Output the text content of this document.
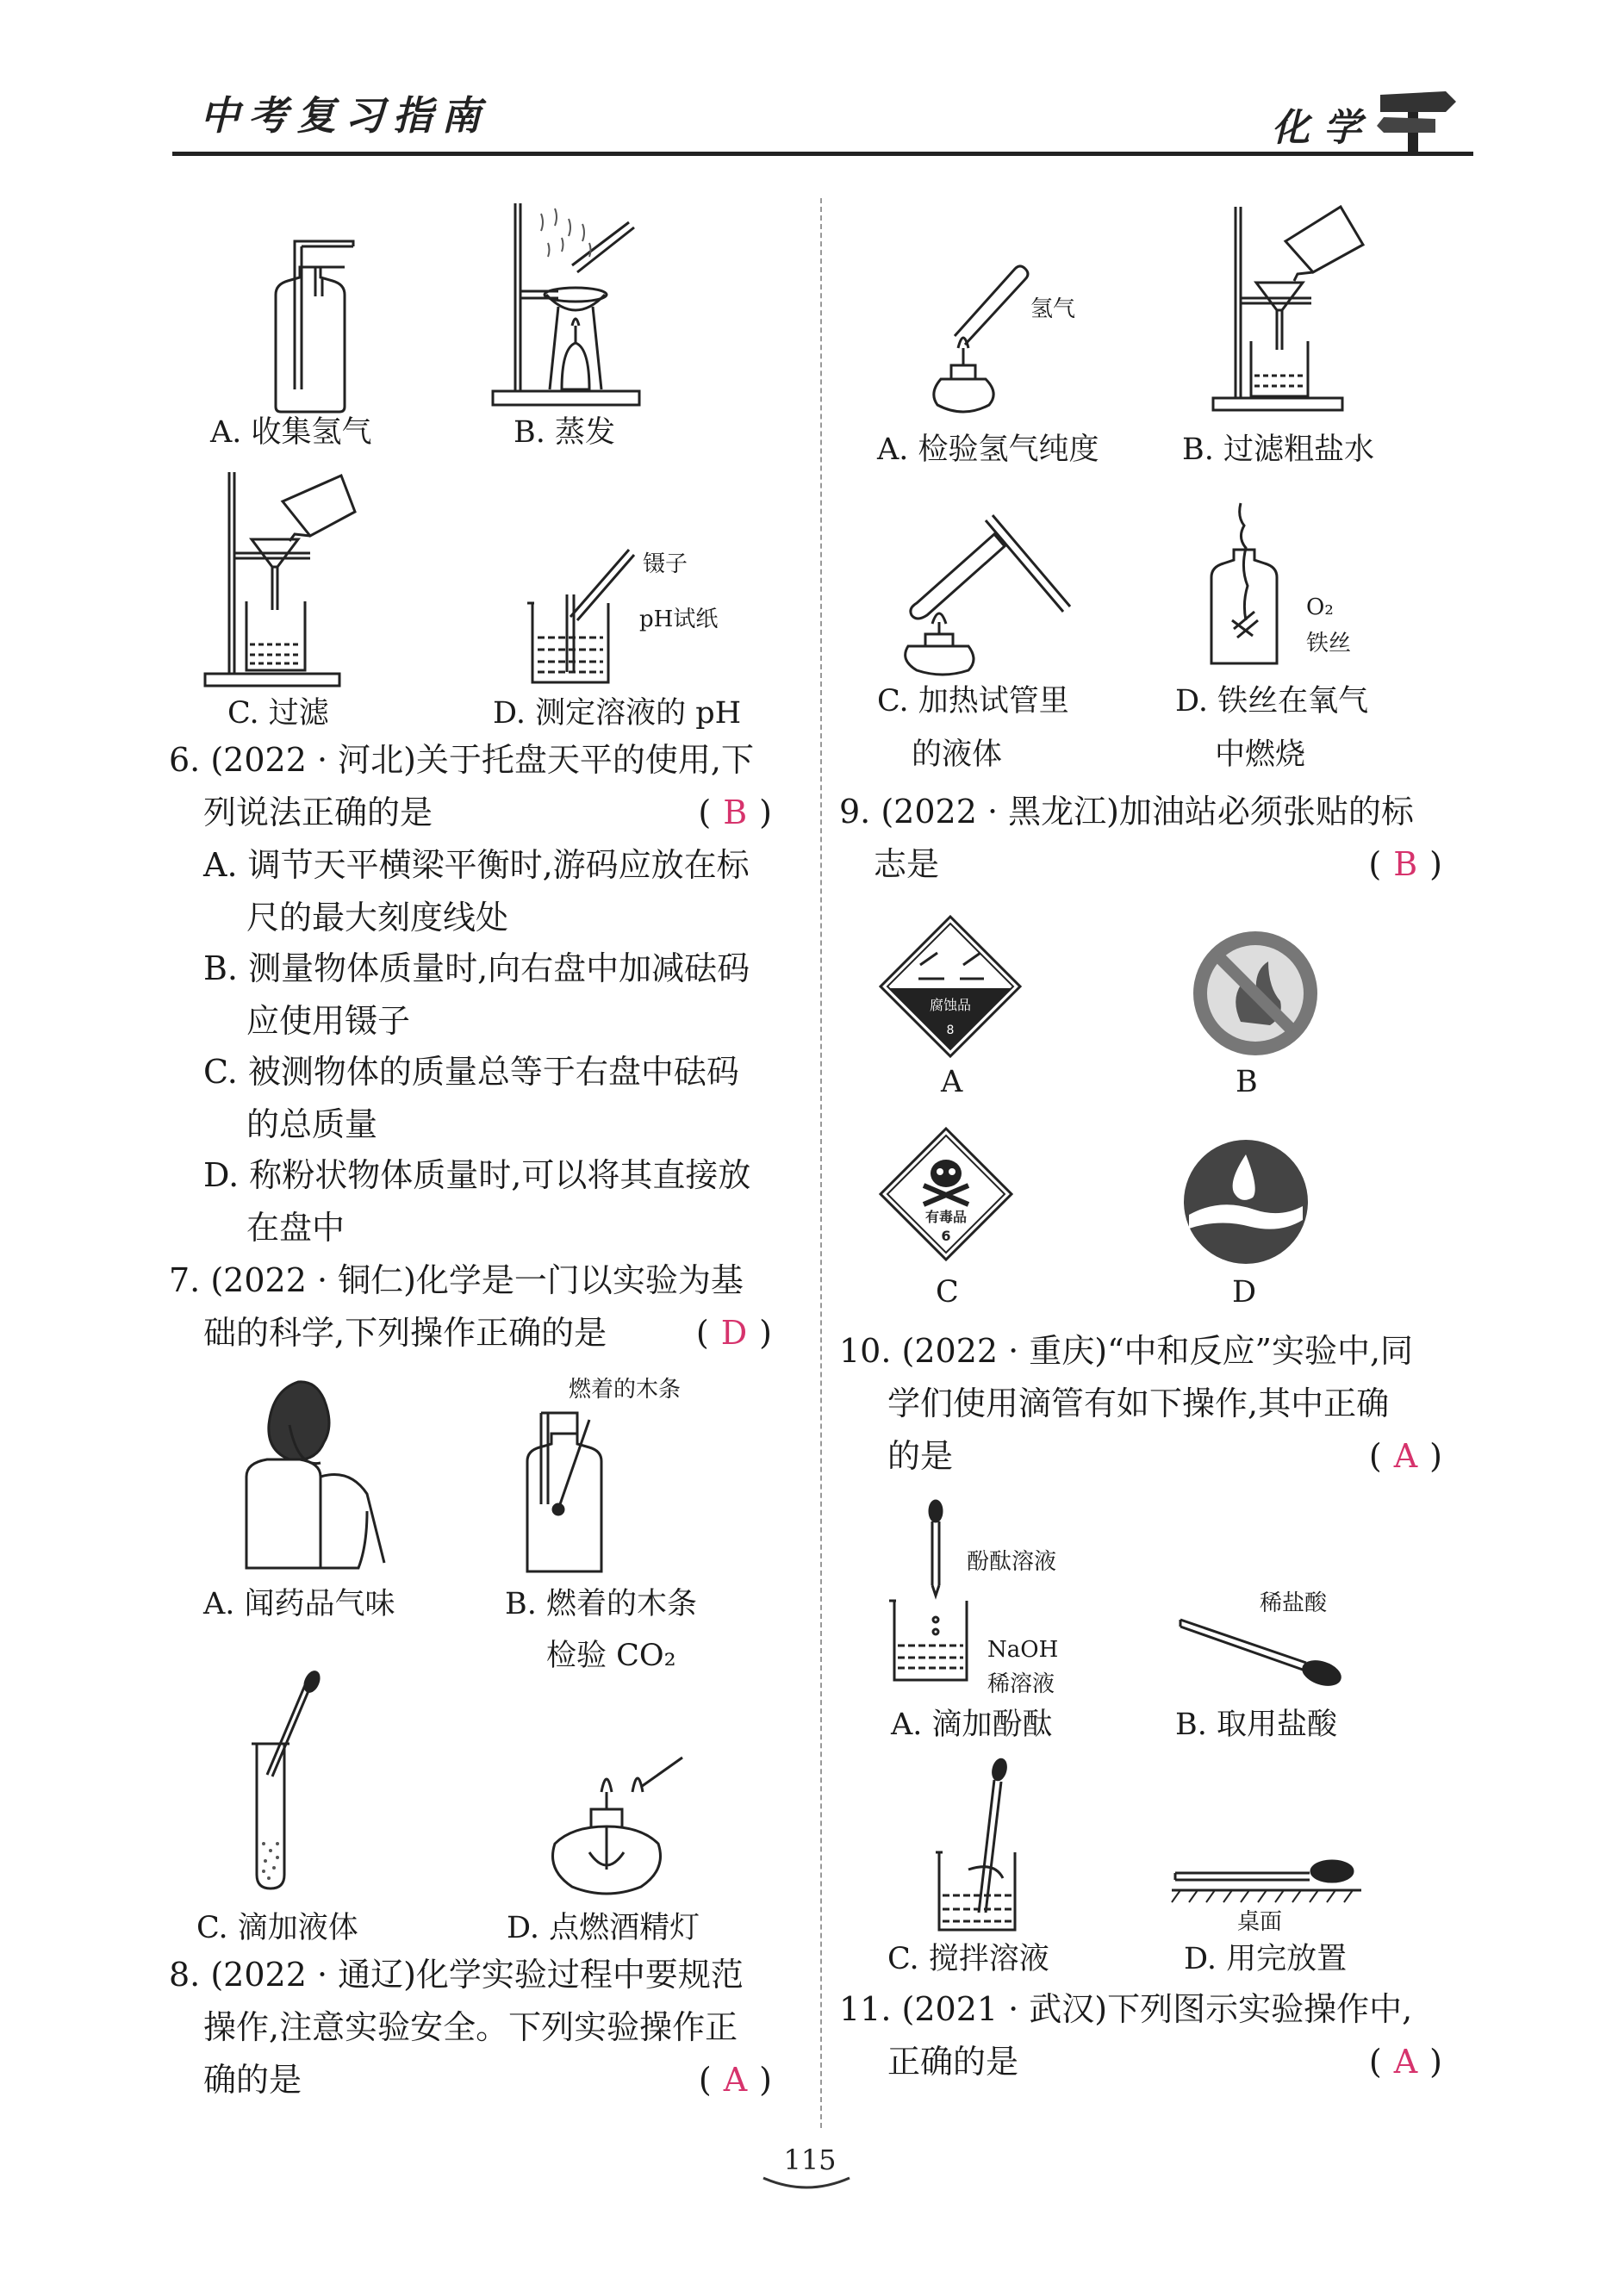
中考复习指南	化学
A. 收集氢气	B. 蒸发
C. 过滤
镊子
pH试纸
D. 测定溶液的 pH
6. (2022 · 河北)关于托盘天平的使用,下
列说法正确的是	( B )
A. 调节天平横梁平衡时,游码应放在标
尺的最大刻度线处
B. 测量物体质量时,向右盘中加减砝码
应使用镊子
C. 被测物体的质量总等于右盘中砝码
的总质量
D. 称粉状物体质量时,可以将其直接放
在盘中
7. (2022 · 铜仁)化学是一门以实验为基
础的科学,下列操作正确的是	( D )
A. 闻药品气味
燃着的木条
B. 燃着的木条
检验 CO₂
C. 滴加液体	D. 点燃酒精灯
8. (2022 · 通辽)化学实验过程中要规范
操作,注意实验安全。下列实验操作正
确的是	( A )
氢气
A. 检验氢气纯度	B. 过滤粗盐水
C. 加热试管里
的液体
O₂
铁丝
D. 铁丝在氧气
中燃烧
9. (2022 · 黑龙江)加油站必须张贴的标
志是	( B )
腐蚀品
8
A	B
有毒品
6
C	D
10. (2022 · 重庆)“中和反应”实验中,同
学们使用滴管有如下操作,其中正确
的是	( A )
酚酞溶液
NaOH
稀溶液
A. 滴加酚酞
稀盐酸
B. 取用盐酸
C. 搅拌溶液
桌面
D. 用完放置
11. (2021 · 武汉)下列图示实验操作中,
正确的是	( A )
115
